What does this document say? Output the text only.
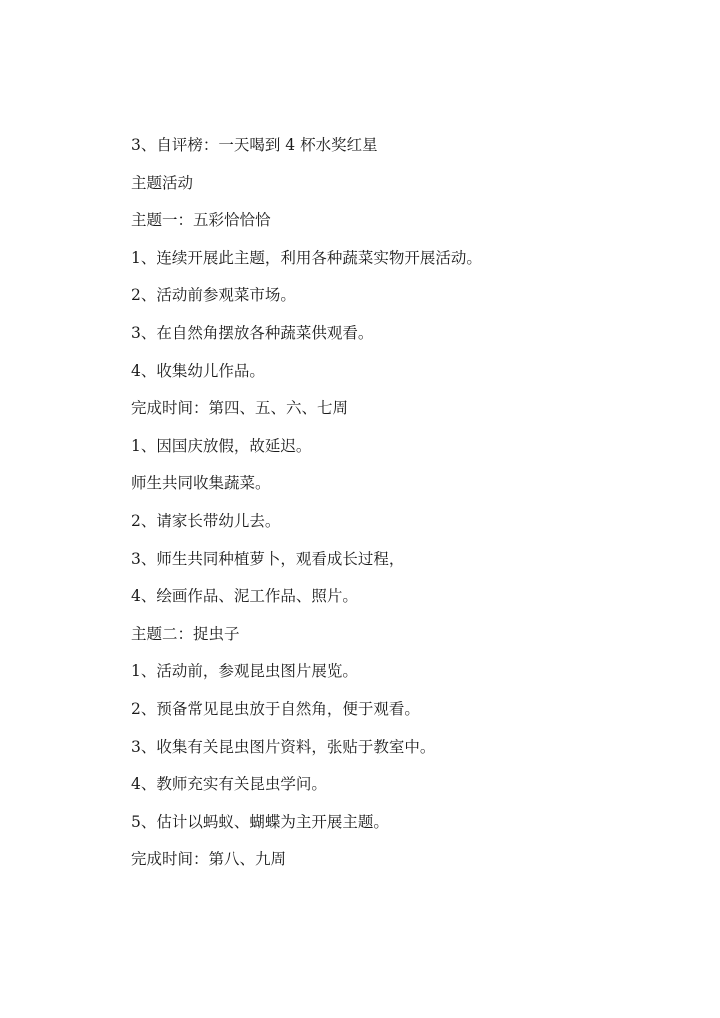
3、自评榜：一天喝到 4 杯水奖红星
主题活动
主题一：五彩恰恰恰
1、连续开展此主题，利用各种蔬菜实物开展活动。
2、活动前参观菜市场。
3、在自然角摆放各种蔬菜供观看。
4、收集幼儿作品。
完成时间：第四、五、六、七周
1、因国庆放假，故延迟。
师生共同收集蔬菜。
2、请家长带幼儿去。
3、师生共同种植萝卜，观看成长过程，
4、绘画作品、泥工作品、照片。
主题二：捉虫子
1、活动前，参观昆虫图片展览。
2、预备常见昆虫放于自然角，便于观看。
3、收集有关昆虫图片资料，张贴于教室中。
4、教师充实有关昆虫学问。
5、估计以蚂蚁、蝴蝶为主开展主题。
完成时间：第八、九周
